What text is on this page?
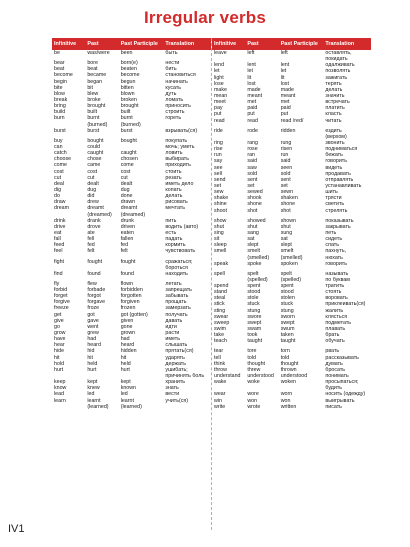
Irregular verbs
Infinitive	Past	Past Participle	Translation
be	was/were	been	быть
bear	bore	born(e)	нести
beat	beat	beaten	бить
become	became	become	становиться
begin	began	begun	начинать
bite	bit	bitten	кусать
blow	blew	blown	дуть
break	broke	broken	ломать
bring	brought	brought	приносить
build	built	built	строить
burn	burnt	burnt	гореть
(burned)	(burned)
burst	burst	burst	взрывать(ся)
buy	bought	bought	покупать
can	could	мочь; уметь
catch	caught	caught	ловить
choose	chose	chosen	выбирать
come	came	come	приходить
cost	cost	cost	стоить
cut	cut	cut	резать
deal	dealt	dealt	иметь дело
dig	dug	dug	копать
do	did	done	делать
draw	drew	drawn	рисовать
dream	dreamt	dreamt	мечтать
(dreamed)	(dreamed)
drink	drank	drunk	пить
drive	drove	driven	водить (авто)
eat	ate	eaten	есть
fall	fell	fallen	падать
feed	fed	fed	кормить
feel	felt	felt	чувствовать
fight	fought	fought	сражаться;
бороться
find	found	found	находить
fly	flew	flown	летать
forbid	forbade	forbidden	запрещать
forget	forgot	forgotten	забывать
forgive	forgave	forgiven	прощать
freeze	froze	frozen	замерзать
get	got	got (gotten)	получать
give	gave	given	давать
go	went	gone	идти
grow	grew	grown	расти
have	had	had	иметь
hear	heard	heard	слышать
hide	hid	hidden	прятать(ся)
hit	hit	hit	ударять
hold	held	held	держать
hurt	hurt	hurt	ушибать;
причинять боль
keep	kept	kept	хранить
know	knew	known	знать
lead	led	led	вести
learn	learnt	learnt	учить(ся)
(learned)	(learned)
Infinitive	Past	Past Participle	Translation
leave	left	left	оставлять,
покидать
lend	lent	lent	одалживать
let	let	let	позволять
light	lit	lit	зажигать
lose	lost	lost	терять
make	made	made	делать
mean	meant	meant	значить
meet	met	met	встречать
pay	paid	paid	платить
put	put	put	класть
read	read	read /red/	читать
ride	rode	ridden	ездить
(верхом)
ring	rang	rung	звонить
rise	rose	risen	подниматься
run	ran	run	бежать
say	said	said	говорить
see	saw	seen	видеть
sell	sold	sold	продавать
send	sent	sent	отправлять
set	set	set	устанавливать
sew	sewed	sewn	шить
shake	shook	shaken	трясти
shine	shone	shone	светить
shoot	shot	shot	стрелять
show	showed	shown	показывать
shut	shut	shut	закрывать
sing	sang	sung	петь
sit	sat	sat	сидеть
sleep	slept	slept	спать
smell	smelt	smelt	пахнуть,
(smelled)	(smelled)	нюхать
speak	spoke	spoken	говорить
spell	spelt	spelt	называть
(spelled)	(spelled)	по буквам
spend	spent	spent	тратить
stand	stood	stood	стоять
steal	stole	stolen	воровать
stick	stuck	stuck	приклеивать(ся)
sting	stung	stung	жалить
swear	swore	sworn	клясться
sweep	swept	swept	подметать
swim	swam	swum	плавать
take	took	taken	брать
teach	taught	taught	обучать
tear	tore	torn	рвать
tell	told	told	рассказывать
think	thought	thought	думать
throw	threw	thrown	бросать
understand	understood	understood	понимать
wake	woke	woken	просыпаться;
будить
wear	wore	worn	носить (одежду)
win	won	won	выигрывать
write	wrote	written	писать
IV1
